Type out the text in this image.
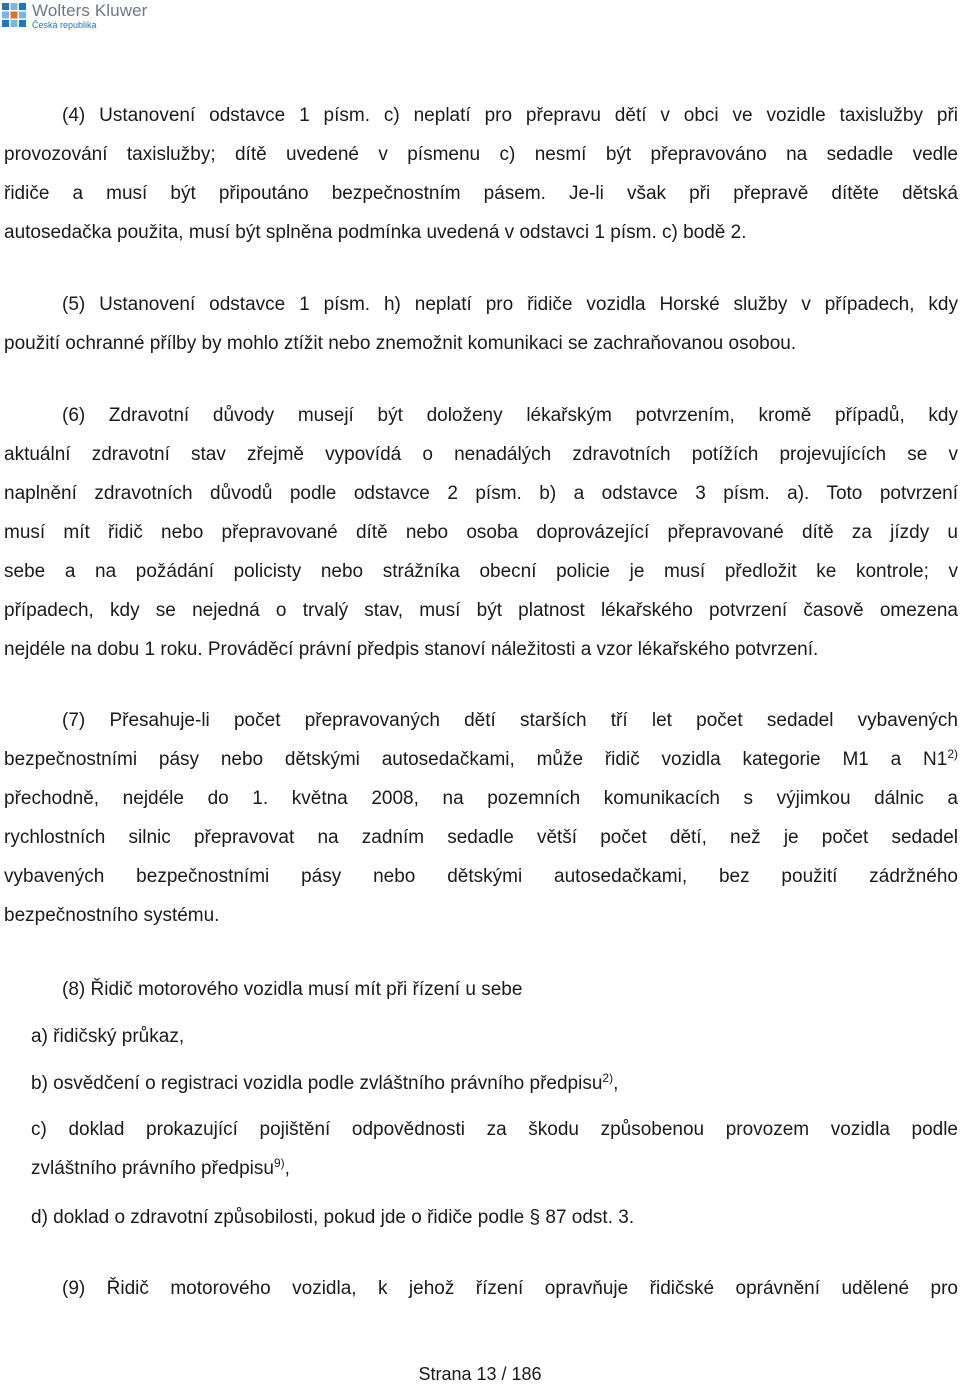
Wolters Kluwer
Česká republika
(4) Ustanovení odstavce 1 písm. c) neplatí pro přepravu dětí v obci ve vozidle taxislužby při
provozování taxislužby; dítě uvedené v písmenu c) nesmí být přepravováno na sedadle vedle
řidiče a musí být připoutáno bezpečnostním pásem. Je-li však při přepravě dítěte dětská
autosedačka použita, musí být splněna podmínka uvedená v odstavci 1 písm. c) bodě 2.
(5) Ustanovení odstavce 1 písm. h) neplatí pro řidiče vozidla Horské služby v případech, kdy
použití ochranné přílby by mohlo ztížit nebo znemožnit komunikaci se zachraňovanou osobou.
(6) Zdravotní důvody musejí být doloženy lékařským potvrzením, kromě případů, kdy
aktuální zdravotní stav zřejmě vypovídá o nenadálých zdravotních potížích projevujících se v
naplnění zdravotních důvodů podle odstavce 2 písm. b) a odstavce 3 písm. a). Toto potvrzení
musí mít řidič nebo přepravované dítě nebo osoba doprovázející přepravované dítě za jízdy u
sebe a na požádání policisty nebo strážníka obecní policie je musí předložit ke kontrole; v
případech, kdy se nejedná o trvalý stav, musí být platnost lékařského potvrzení časově omezena
nejdéle na dobu 1 roku. Prováděcí právní předpis stanoví náležitosti a vzor lékařského potvrzení.
(7) Přesahuje-li počet přepravovaných dětí starších tří let počet sedadel vybavených
bezpečnostními pásy nebo dětskými autosedačkami, může řidič vozidla kategorie M1 a N1$^{2)}$
přechodně, nejdéle do 1. května 2008, na pozemních komunikacích s výjimkou dálnic a
rychlostních silnic přepravovat na zadním sedadle větší počet dětí, než je počet sedadel
vybavených bezpečnostními pásy nebo dětskými autosedačkami, bez použití zádržného
bezpečnostního systému.
(8) Řidič motorového vozidla musí mít při řízení u sebe
a) řidičský průkaz,
b) osvědčení o registraci vozidla podle zvláštního právního předpisu$^{2)}$,
c) doklad prokazující pojištění odpovědnosti za škodu způsobenou provozem vozidla podle
zvláštního právního předpisu$^{9)}$,
d) doklad o zdravotní způsobilosti, pokud jde o řidiče podle § 87 odst. 3.
(9) Řidič motorového vozidla, k jehož řízení opravňuje řidičské oprávnění udělené pro
Strana 13 / 186
